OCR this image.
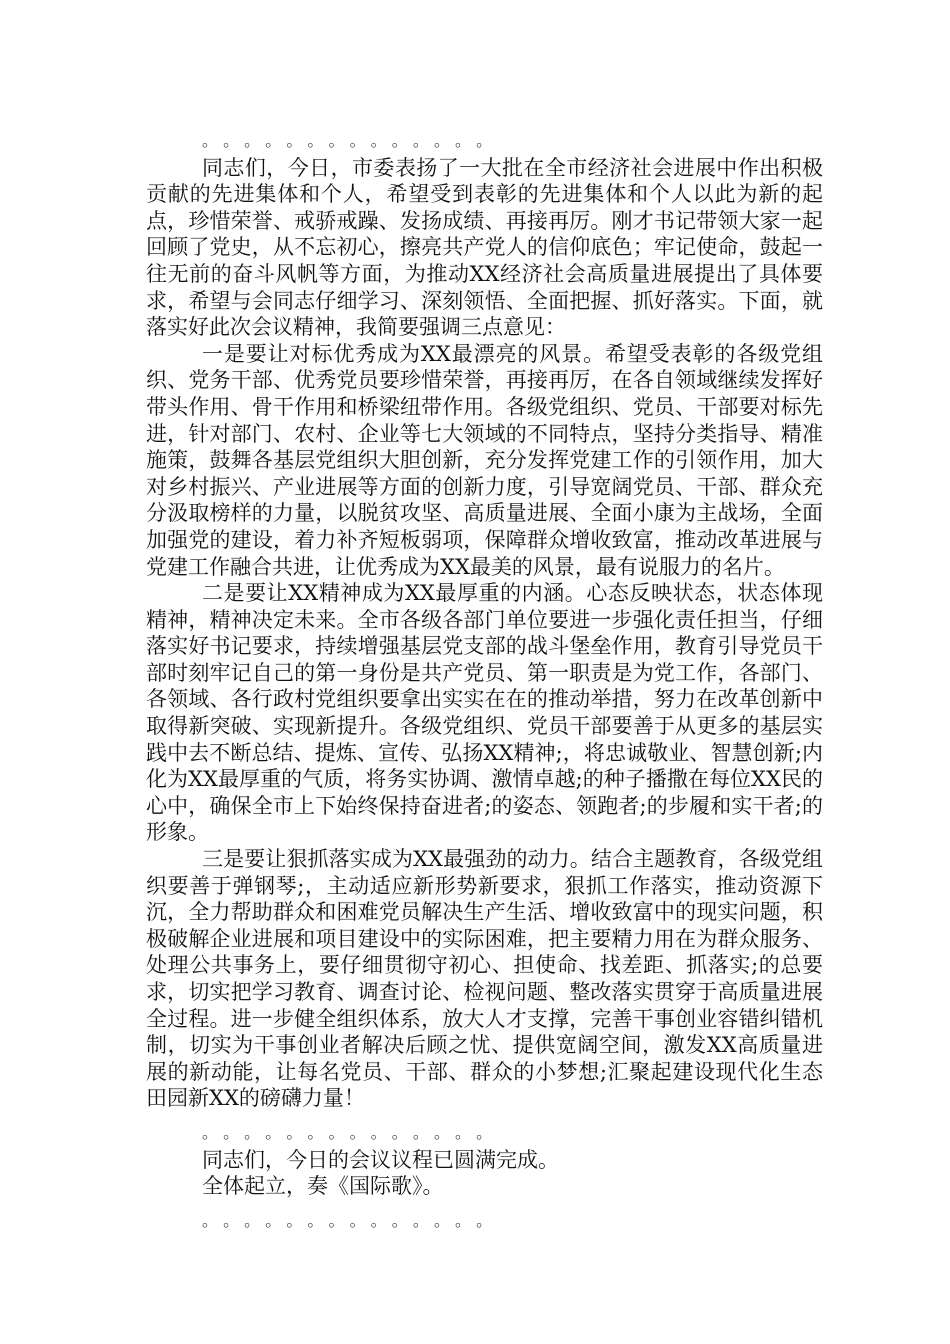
。 。 。 。 。 。 。 。 。 。 。 。 。 。

同志们，今日，市委表扬了一大批在全市经济社会进展中作出积极贡献的先进集体和个人，希望受到表彰的先进集体和个人以此为新的起点，珍惜荣誉、戒骄戒躁、发扬成绩、再接再厉。刚才书记带领大家一起回顾了党史，从不忘初心，擦亮共产党人的信仰底色；牢记使命，鼓起一往无前的奋斗风帆等方面，为推动XX经济社会高质量进展提出了具体要求，希望与会同志仔细学习、深刻领悟、全面把握、抓好落实。下面，就落实好此次会议精神，我简要强调三点意见：

一是要让对标优秀成为XX最漂亮的风景。希望受表彰的各级党组织、党务干部、优秀党员要珍惜荣誉，再接再厉，在各自领域继续发挥好带头作用、骨干作用和桥梁纽带作用。各级党组织、党员、干部要对标先进，针对部门、农村、企业等七大领域的不同特点，坚持分类指导、精准施策，鼓舞各基层党组织大胆创新，充分发挥党建工作的引领作用，加大对乡村振兴、产业进展等方面的创新力度，引导宽阔党员、干部、群众充分汲取榜样的力量，以脱贫攻坚、高质量进展、全面小康为主战场，全面加强党的建设，着力补齐短板弱项，保障群众增收致富，推动改革进展与党建工作融合共进，让优秀成为XX最美的风景，最有说服力的名片。

二是要让XX精神成为XX最厚重的内涵。心态反映状态，状态体现精神，精神决定未来。全市各级各部门单位要进一步强化责任担当，仔细落实好书记要求，持续增强基层党支部的战斗堡垒作用，教育引导党员干部时刻牢记自己的第一身份是共产党员、第一职责是为党工作，各部门、各领域、各行政村党组织要拿出实实在在的推动举措，努力在改革创新中取得新突破、实现新提升。各级党组织、党员干部要善于从更多的基层实践中去不断总结、提炼、宣传、弘扬XX精神;，将忠诚敬业、智慧创新;内化为XX最厚重的气质，将务实协调、激情卓越;的种子播撒在每位XX民的心中，确保全市上下始终保持奋进者;的姿态、领跑者;的步履和实干者;的形象。

三是要让狠抓落实成为XX最强劲的动力。结合主题教育，各级党组织要善于弹钢琴;，主动适应新形势新要求，狠抓工作落实，推动资源下沉，全力帮助群众和困难党员解决生产生活、增收致富中的现实问题，积极破解企业进展和项目建设中的实际困难，把主要精力用在为群众服务、处理公共事务上，要仔细贯彻守初心、担使命、找差距、抓落实;的总要求，切实把学习教育、调查讨论、检视问题、整改落实贯穿于高质量进展全过程。进一步健全组织体系，放大人才支撑，完善干事创业容错纠错机制，切实为干事创业者解决后顾之忧、提供宽阔空间，激发XX高质量进展的新动能，让每名党员、干部、群众的小梦想;汇聚起建设现代化生态田园新XX的磅礴力量！

。 。 。 。 。 。 。 。 。 。 。 。 。 。

同志们，今日的会议议程已圆满完成。

全体起立，奏《国际歌》。

。 。 。 。 。 。 。 。 。 。 。 。 。 。
